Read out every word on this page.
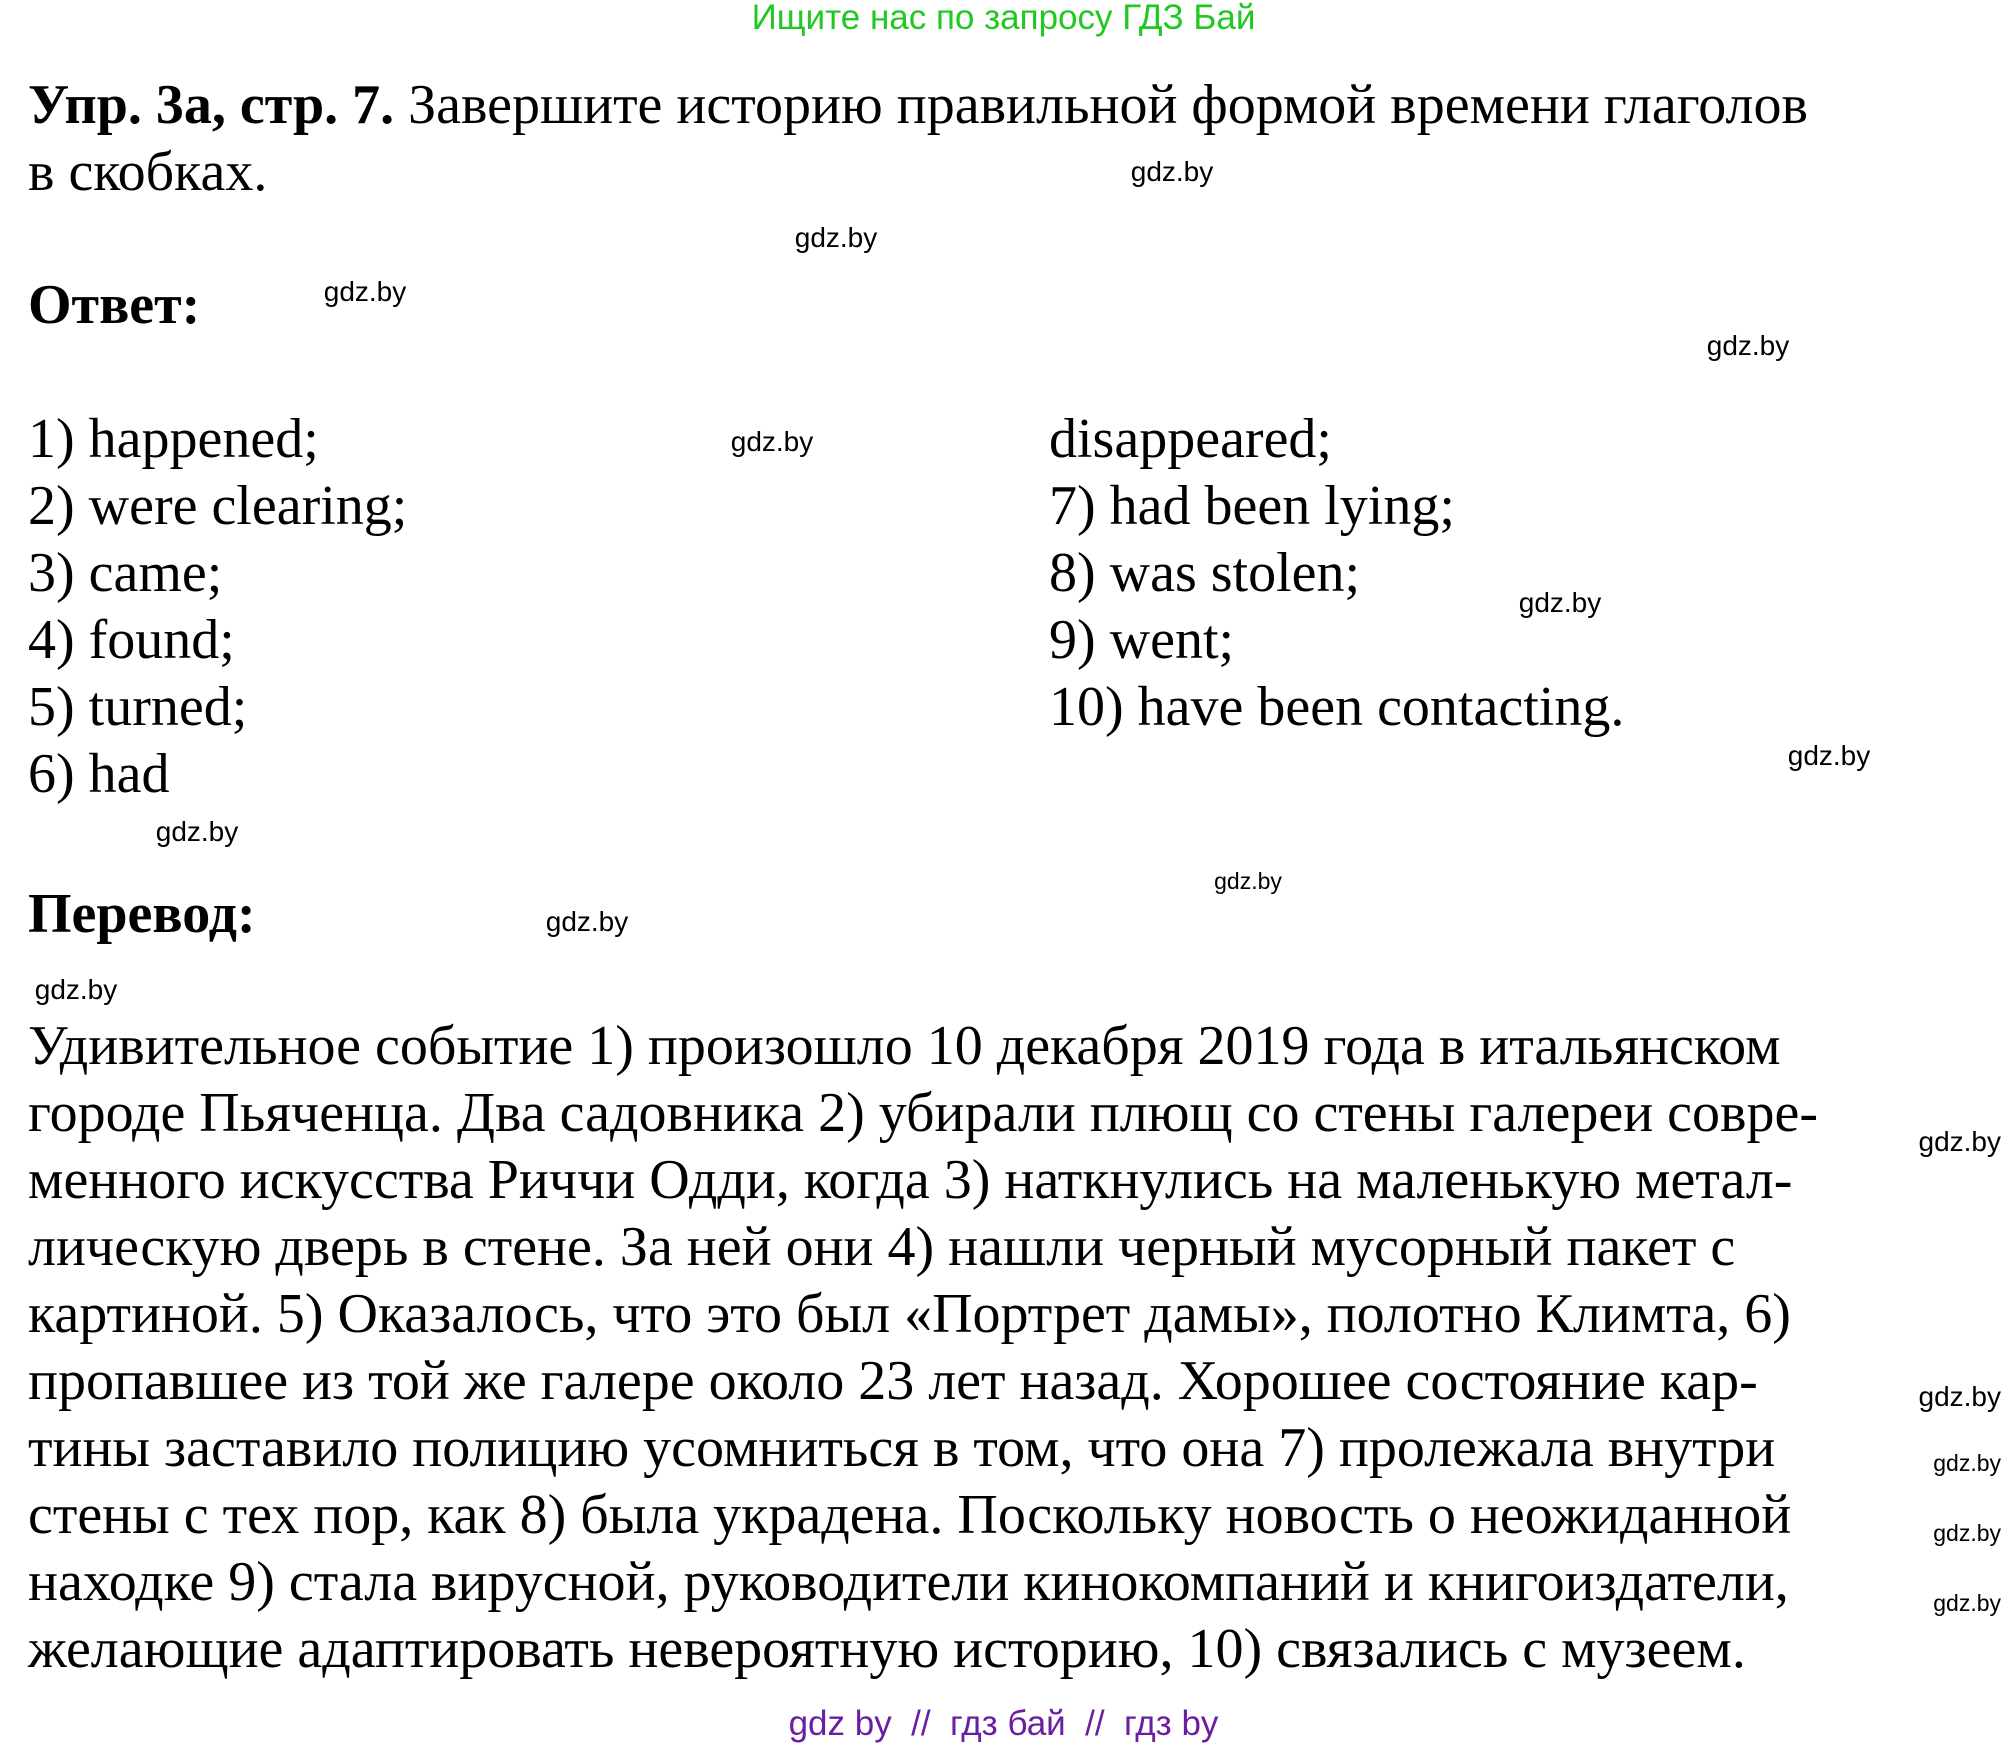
Ищите нас по запросу ГДЗ Бай
Упр. 3a, стр. 7. Завершите историю правильной формой времени глаголов
в скобках.
Ответ:
1) happened;
2) were clearing;
3) came;
4) found;
5) turned;
6) had
disappeared;
7) had been lying;
8) was stolen;
9) went;
10) have been contacting.
Перевод:
Удивительное событие 1) произошло 10 декабря 2019 года в итальянском
городе Пьяченца. Два садовника 2) убирали плющ со стены галереи совре-
менного искусства Риччи Одди, когда 3) наткнулись на маленькую метал-
лическую дверь в стене. За ней они 4) нашли черный мусорный пакет с
картиной. 5) Оказалось, что это был «Портрет дамы», полотно Климта, 6)
пропавшее из той же галере около 23 лет назад. Хорошее состояние кар-
тины заставило полицию усомниться в том, что она 7) пролежала внутри
стены с тех пор, как 8) была украдена. Поскольку новость о неожиданной
находке 9) стала вирусной, руководители кинокомпаний и книгоиздатели,
желающие адаптировать невероятную историю, 10) связались с музеем.
gdz.by
gdz.by
gdz.by
gdz.by
gdz.by
gdz.by
gdz.by
gdz.by
gdz.by
gdz.by
gdz.by
gdz.by
gdz.by
gdz.by
gdz.by
gdz.by
gdz by  //  гдз бай  //  гдз by
